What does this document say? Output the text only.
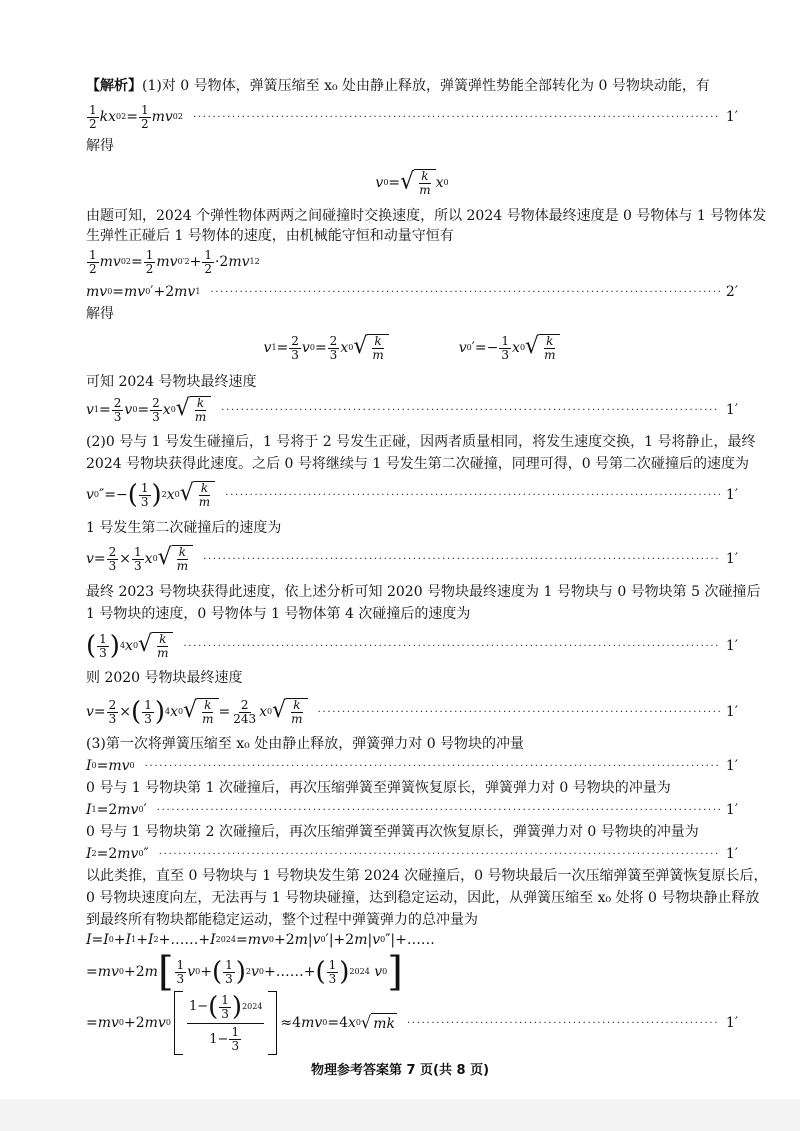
【解析】 (1)对 0 号物体，弹簧压缩至 x₀ 处由静止释放，弹簧弹性势能全部转化为 0 号物块动能，有
$\frac{1}{2}$ kx 0 $2 = \frac{1}{2}$ mv 0 2 ·····	1′
解得
v 0 = √ $\frac{k}{m}$ x 0
由题可知，2024 个弹性物体两两之间碰撞时交换速度，所以 2024 号物体最终速度是 0 号物体与 1 号物体发
生弹性正碰后 1 号物体的速度，由机械能守恒和动量守恒有
$\frac{1}{2}$ mv 0 $2 = \frac{1}{2}$ mv 0 $'2 + \frac{1}{2} \cdot 2$ mv 1 2
mv 0 = mv 0 ′+2 mv 1 ·····	2′
解得
v $1 = \frac{2}{3}$ v $0 = \frac{2}{3}$ x 0 √ $\frac{k}{m}$	v 0 ′=− $\frac{1}{3}$ x 0 √ $\frac{k}{m}$
可知 2024 号物块最终速度
v $1 = \frac{2}{3}$ v $0 = \frac{2}{3}$ x 0 √ $\frac{k}{m}$ ·····	1′
(2)0 号与 1 号发生碰撞后，1 号将于 2 号发生正碰，因两者质量相同，将发生速度交换，1 号将静止，最终
2024 号物块获得此速度。之后 0 号将继续与 1 号发生第二次碰撞，同理可得，0 号第二次碰撞后的速度为
v 0 ″=− ( $\frac{1}{3}$ ) 2 x 0 √ $\frac{k}{m}$ ·····	1′
1 号发生第二次碰撞后的速度为
$v = \frac{2}{3} \times \frac{1}{3}$ x 0 √ $\frac{k}{m}$ ·····	1′
最终 2023 号物块获得此速度，依上述分析可知 2020 号物块最终速度为 1 号物块与 0 号物块第 5 次碰撞后
1 号物块的速度，0 号物体与 1 号物体第 4 次碰撞后的速度为
( $\frac{1}{3}$ ) 4 x 0 √ $\frac{k}{m}$ ·····	1′
则 2020 号物块最终速度
$v = \frac{2}{3}$ × ( $\frac{1}{3}$ ) 4 x 0 √ $\frac{k}{m} = \frac{2}{243}$ x 0 √ $\frac{k}{m}$ ·····	1′
(3)第一次将弹簧压缩至 x₀ 处由静止释放，弹簧弹力对 0 号物块的冲量
I 0 = mv 0 ·····	1′
0 号与 1 号物块第 1 次碰撞后，再次压缩弹簧至弹簧恢复原长，弹簧弹力对 0 号物块的冲量为
I 1 =2 mv 0 ′ ·····	1′
0 号与 1 号物块第 2 次碰撞后，再次压缩弹簧至弹簧再次恢复原长，弹簧弹力对 0 号物块的冲量为
I 2 =2 mv 0 ″ ·····	1′
以此类推，直至 0 号物块与 1 号物块发生第 2024 次碰撞后，0 号物块最后一次压缩弹簧至弹簧恢复原长后，
0 号物块速度向左，无法再与 1 号物块碰撞，达到稳定运动，因此，从弹簧压缩至 x₀ 处将 0 号物块静止释放
到最终所有物块都能稳定运动，整个过程中弹簧弹力的总冲量为
I = I 0 + I 1 + I 2 +……+ I 2024 = mv 0 +2 m | v 0 ′|+2 m | v 0 ″|+……
= mv 0 +2 m [ $\frac{1}{3}$ v 0 + ( $\frac{1}{3}$ ) 2 v 0 +……+ ( $\frac{1}{3}$ ) 2024
v 0 ]
= mv 0 +2 mv 0
1− ( $\frac{1}{3}$ ) 2024
$1- \frac{1}{3}$
≈4 mv 0 =4 x 0 √ mk ·····	1′
物理参考答案第 7 页(共 8 页)
